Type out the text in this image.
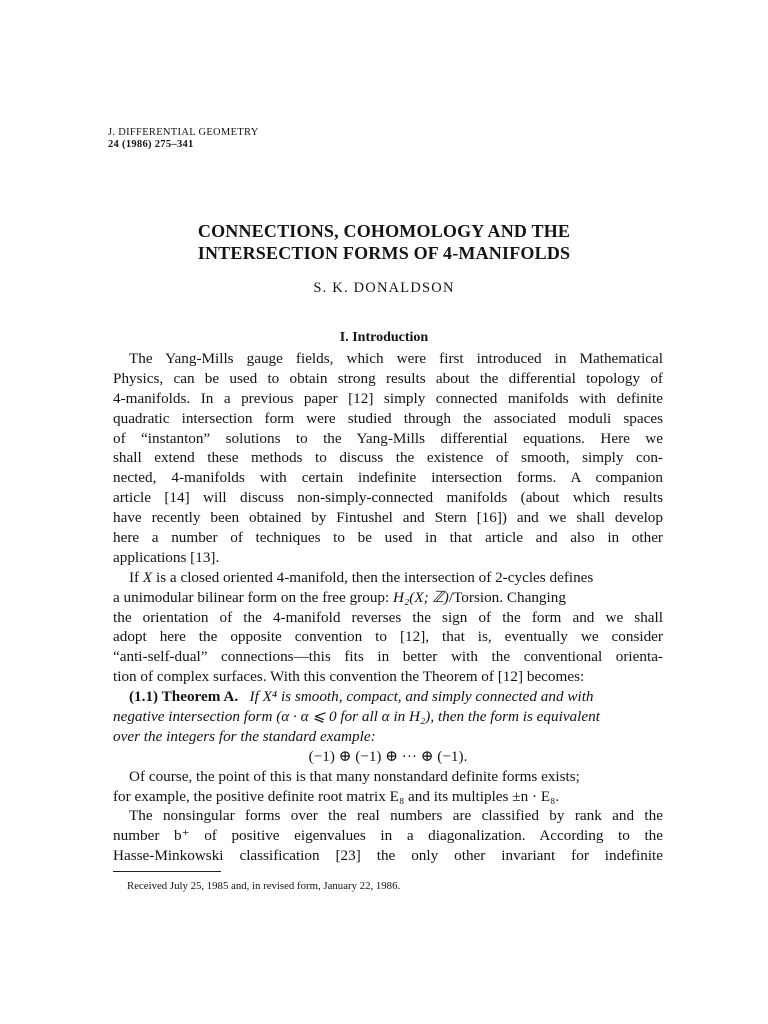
J. DIFFERENTIAL GEOMETRY
24 (1986) 275–341
CONNECTIONS, COHOMOLOGY AND THE
INTERSECTION FORMS OF 4-MANIFOLDS
S. K. DONALDSON
I. Introduction
The Yang-Mills gauge fields, which were first introduced in Mathematical
Physics, can be used to obtain strong results about the differential topology of
4-manifolds. In a previous paper [12] simply connected manifolds with definite
quadratic intersection form were studied through the associated moduli spaces
of “instanton” solutions to the Yang-Mills differential equations. Here we
shall extend these methods to discuss the existence of smooth, simply con-
nected, 4-manifolds with certain indefinite intersection forms. A companion
article [14] will discuss non-simply-connected manifolds (about which results
have recently been obtained by Fintushel and Stern [16]) and we shall develop
here a number of techniques to be used in that article and also in other
applications [13].
If X is a closed oriented 4-manifold, then the intersection of 2-cycles defines
a unimodular bilinear form on the free group: H₂(X; ℤ)/Torsion. Changing
the orientation of the 4-manifold reverses the sign of the form and we shall
adopt here the opposite convention to [12], that is, eventually we consider
“anti-self-dual” connections—this fits in better with the conventional orienta-
tion of complex surfaces. With this convention the Theorem of [12] becomes:
(1.1) Theorem A. If X⁴ is smooth, compact, and simply connected and with
negative intersection form (α · α ⩽ 0 for all α in H₂), then the form is equivalent
over the integers for the standard example:
(−1) ⊕ (−1) ⊕ ··· ⊕ (−1).
Of course, the point of this is that many nonstandard definite forms exists;
for example, the positive definite root matrix E₈ and its multiples ±n · E₈.
The nonsingular forms over the real numbers are classified by rank and the
number b⁺ of positive eigenvalues in a diagonalization. According to the
Hasse-Minkowski classification [23] the only other invariant for indefinite
Received July 25, 1985 and, in revised form, January 22, 1986.
